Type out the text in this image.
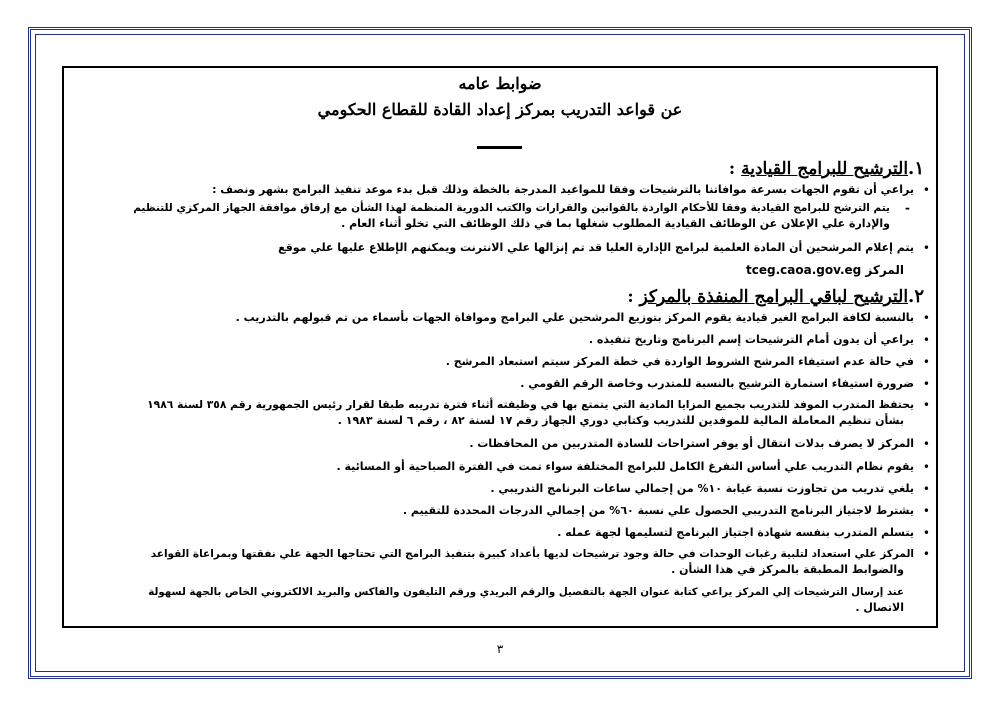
ضوابط عامه

عن قواعد التدريب بمركز إعداد القادة للقطاع الحكومي

١.الترشيح للبرامج القيادية :
•
يراعي أن تقوم الجهات بسرعة موافاتنا بالترشيحات وفقا للمواعيد المدرجة بالخطة وذلك قبل بدء موعد تنفيذ البرامج بشهر ونصف :
-
يتم الترشح للبرامج القيادية وفقا للأحكام الواردة بالقوانين والقرارات والكتب الدورية المنظمة لهذا الشأن مع إرفاق موافقة الجهاز المركزي للتنظيم
والإدارة علي الإعلان عن الوظائف القيادية المطلوب شغلها بما في ذلك الوظائف التي تخلو أثناء العام .
•
يتم إعلام المرشحين أن المادة العلمية لبرامج الإدارة العليا قد تم إنزالها علي الانترنت ويمكنهم الإطلاع عليها علي موقع
المركز tceg.caoa.gov.eg
٢.الترشيح لباقي البرامج المنفذة بالمركز :
•
بالنسبة لكافة البرامج الغير قيادية يقوم المركز بتوزيع المرشحين علي البرامج وموافاة الجهات بأسماء من تم قبولهم بالتدريب .
•
يراعي أن يدون أمام الترشيحات إسم البرنامج وتاريخ تنفيذه .
•
في حالة عدم استيفاء المرشح الشروط الواردة في خطة المركز سيتم استبعاد المرشح .
•
ضرورة استيفاء استمارة الترشيح بالنسبة للمتدرب وخاصة الرقم القومي .
•
يحتفظ المتدرب الموفد للتدريب بجميع المزايا المادية التي يتمتع بها في وظيفته أثناء فترة تدريبه طبقا لقرار رئيس الجمهورية رقم ٣٥٨ لسنة ١٩٨٦
بشأن تنظيم المعاملة المالية للموفدين للتدريب وكتابي دوري الجهاز رقم ١٧ لسنة ٨٢ ، رقم ٦ لسنة ١٩٨٣ .
•
المركز لا يصرف بدلات انتقال أو يوفر استراحات للسادة المتدربين من المحافظات .
•
يقوم نظام التدريب علي أساس التفرغ الكامل للبرامج المختلفة سواء تمت في الفترة الصباحية أو المسائية .
•
يلغي تدريب من تجاوزت نسبة غيابة ١٠% من إجمالي ساعات البرنامج التدريبي .
•
يشترط لاجتياز البرنامج التدريبي الحصول علي نسبة ٦٠% من إجمالي الدرجات المحددة للتقييم .
•
يتسلم المتدرب بنفسه شهادة اجتياز البرنامج لتسليمها لجهة عمله .
•
المركز علي استعداد لتلبية رغبات الوحدات في حالة وجود ترشيحات لديها بأعداد كبيرة بتنفيذ البرامج التي تحتاجها الجهة علي نفقتها وبمراعاة القواعد
والضوابط المطبقة بالمركز في هذا الشأن .
عند إرسال الترشيحات إلي المركز يراعي كتابة عنوان الجهة بالتفصيل والرقم البريدي ورقم التليفون والفاكس والبريد الالكتروني الخاص بالجهة لسهولة
الاتصال .
٣
